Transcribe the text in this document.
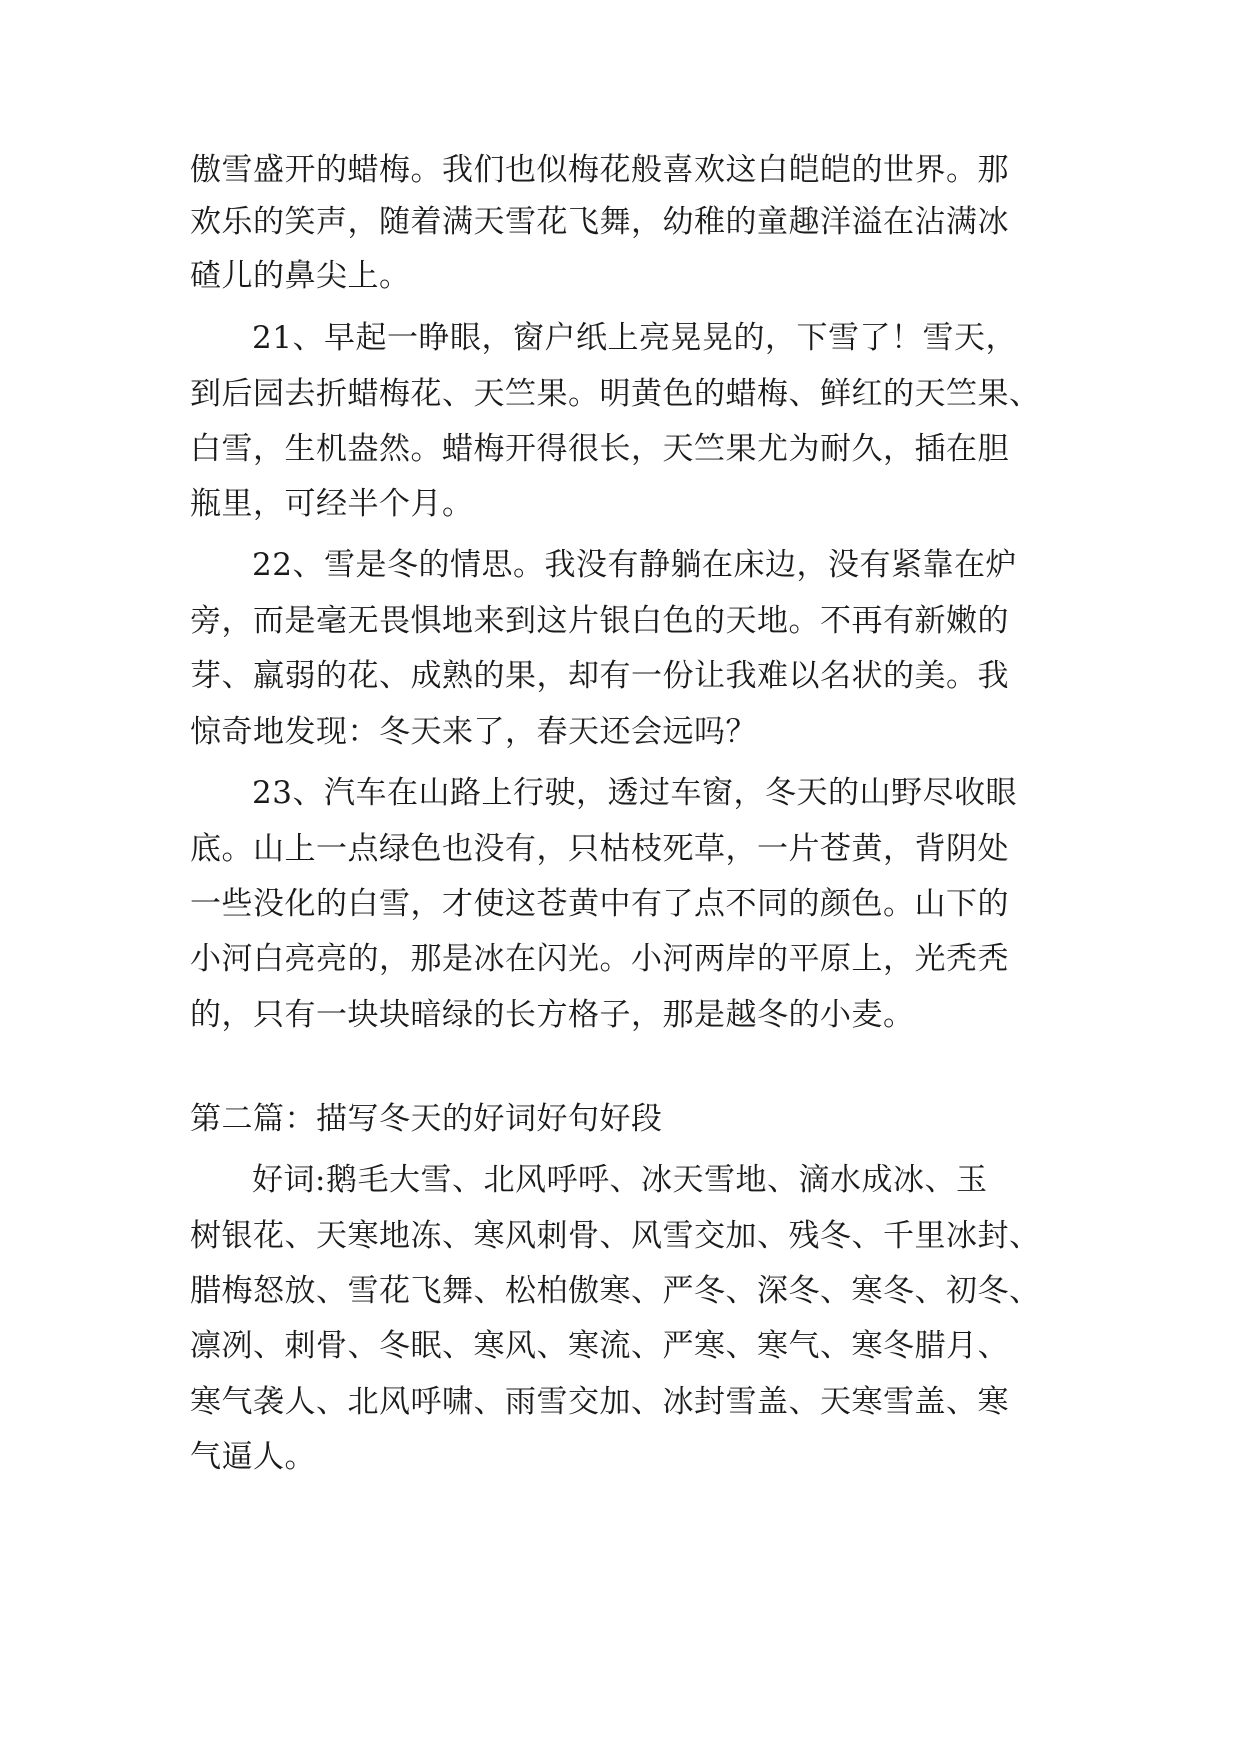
傲雪盛开的蜡梅。我们也似梅花般喜欢这白皑皑的世界。那
欢乐的笑声，随着满天雪花飞舞，幼稚的童趣洋溢在沾满冰
碴儿的鼻尖上。
21、早起一睁眼，窗户纸上亮晃晃的，下雪了！雪天，
到后园去折蜡梅花、天竺果。明黄色的蜡梅、鲜红的天竺果、
白雪，生机盎然。蜡梅开得很长，天竺果尤为耐久，插在胆
瓶里，可经半个月。
22、雪是冬的情思。我没有静躺在床边，没有紧靠在炉
旁，而是毫无畏惧地来到这片银白色的天地。不再有新嫩的
芽、羸弱的花、成熟的果，却有一份让我难以名状的美。我
惊奇地发现：冬天来了，春天还会远吗？
23、汽车在山路上行驶，透过车窗，冬天的山野尽收眼
底。山上一点绿色也没有，只枯枝死草，一片苍黄，背阴处
一些没化的白雪，才使这苍黄中有了点不同的颜色。山下的
小河白亮亮的，那是冰在闪光。小河两岸的平原上，光秃秃
的，只有一块块暗绿的长方格子，那是越冬的小麦。
第二篇：描写冬天的好词好句好段
好词:鹅毛大雪、北风呼呼、冰天雪地、滴水成冰、玉
树银花、天寒地冻、寒风刺骨、风雪交加、残冬、千里冰封、
腊梅怒放、雪花飞舞、松柏傲寒、严冬、深冬、寒冬、初冬、
凛冽、刺骨、冬眠、寒风、寒流、严寒、寒气、寒冬腊月、
寒气袭人、北风呼啸、雨雪交加、冰封雪盖、天寒雪盖、寒
气逼人。
